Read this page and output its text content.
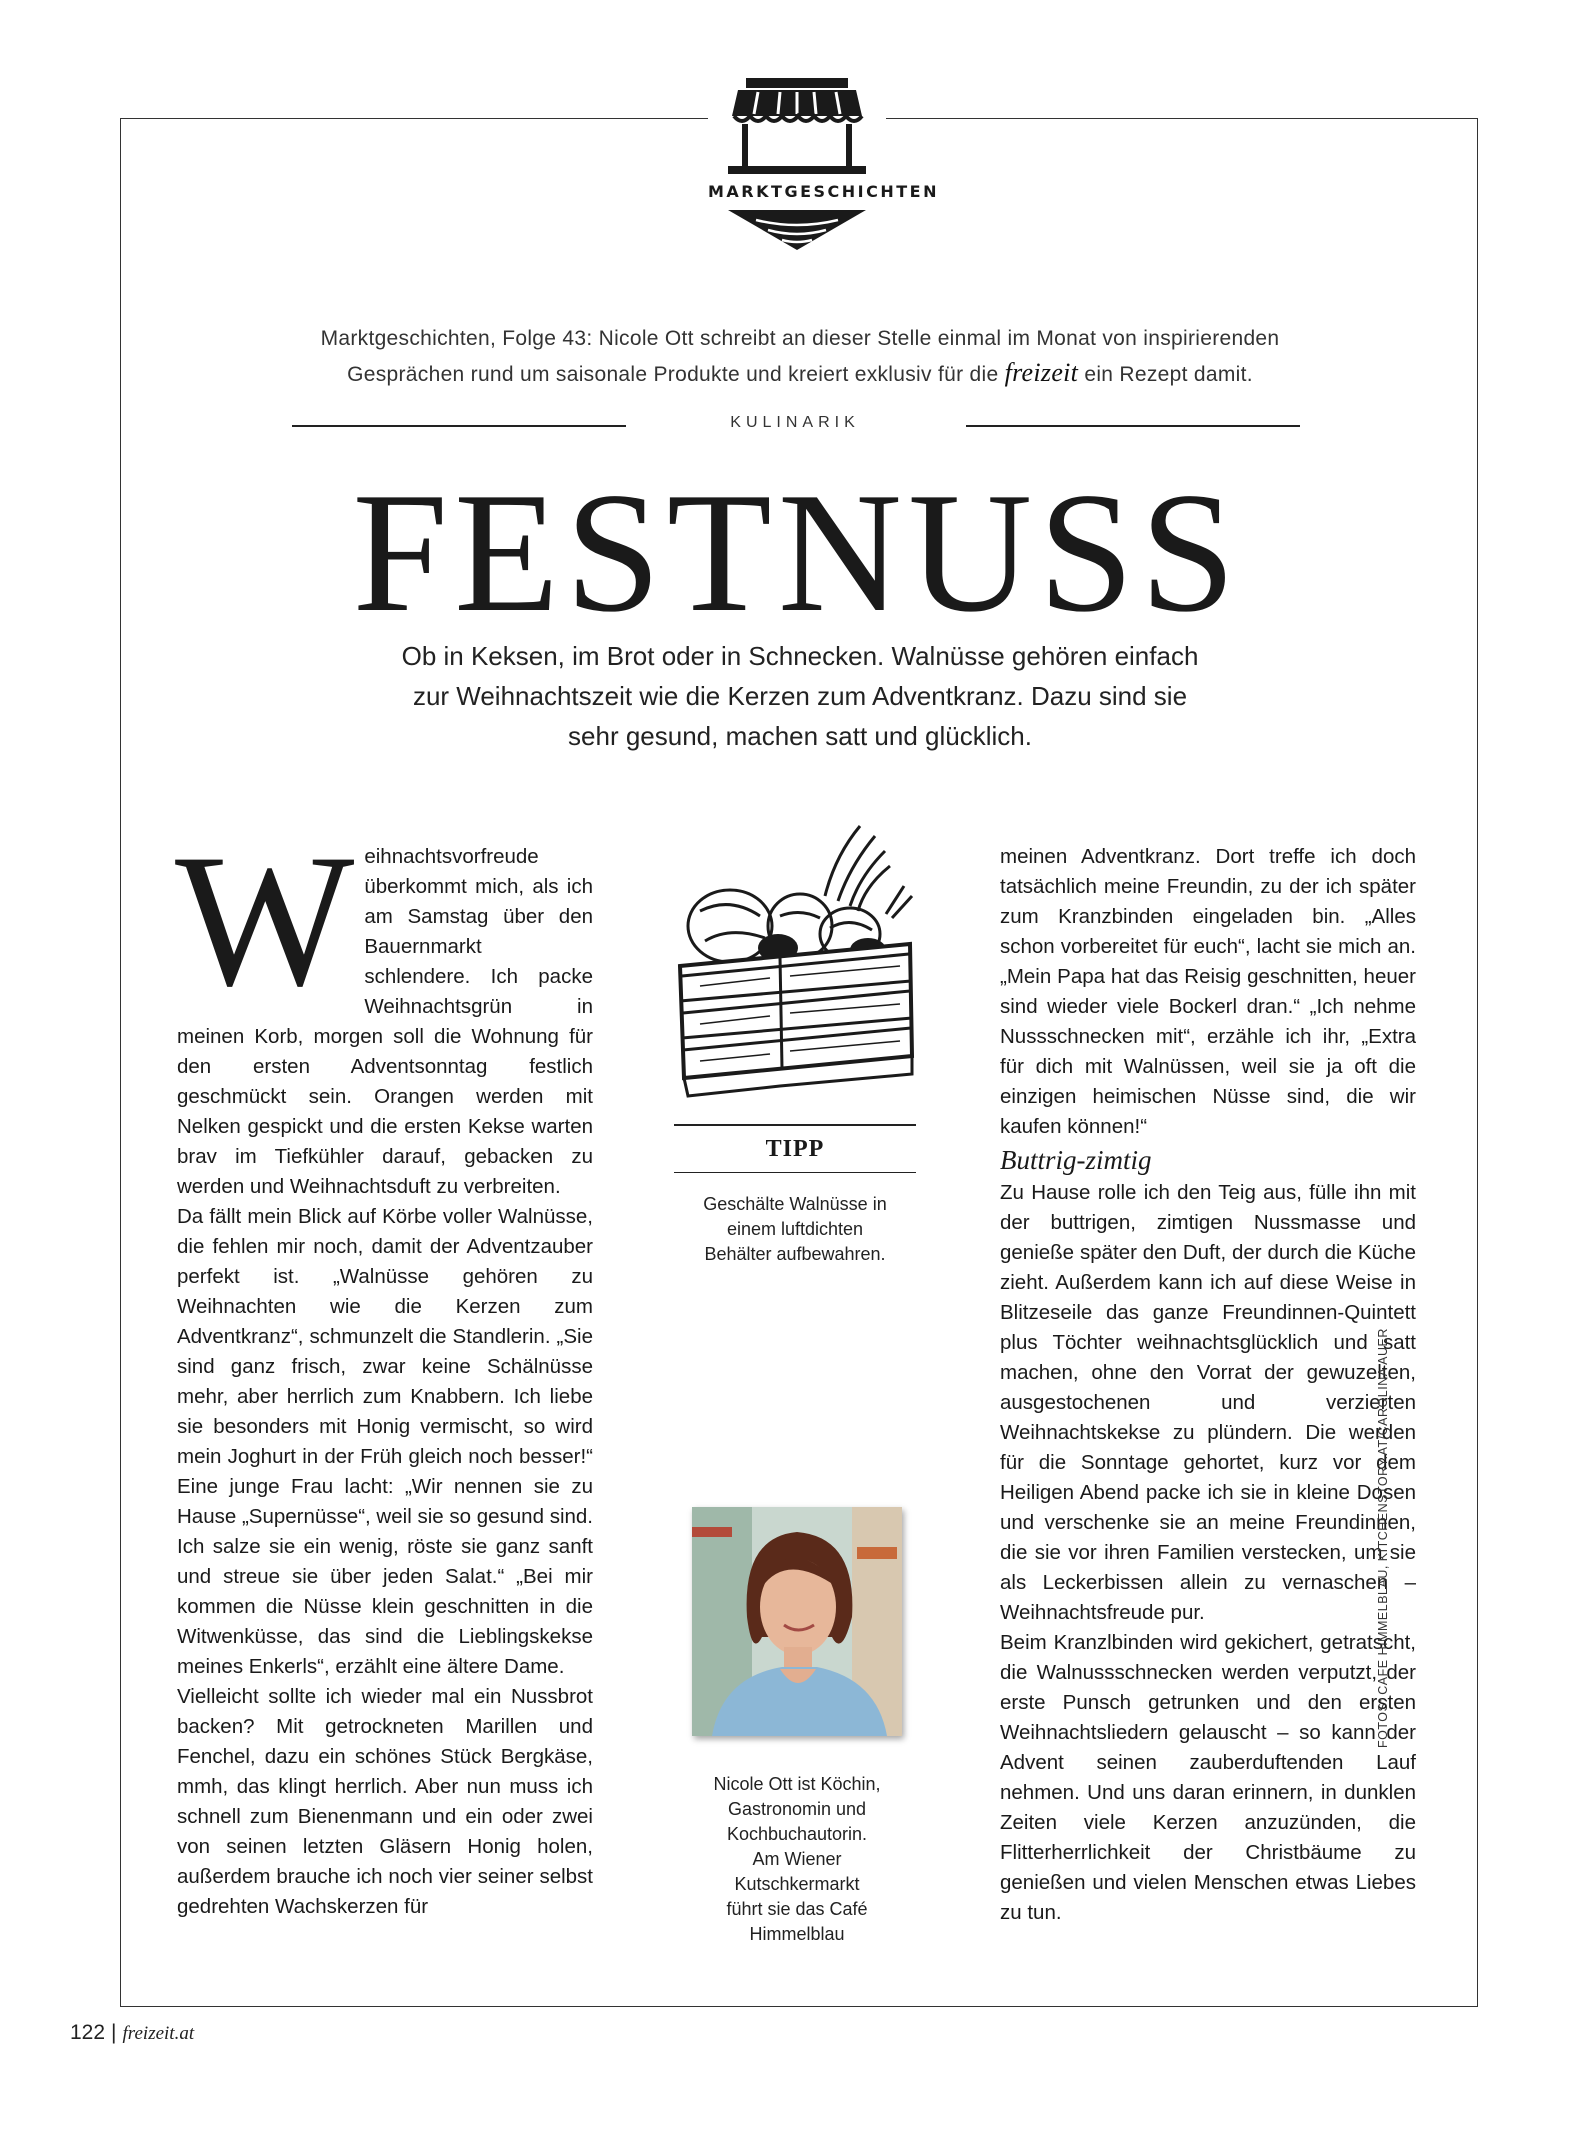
MARKTGESCHICHTEN
Marktgeschichten, Folge 43: Nicole Ott schreibt an dieser Stelle einmal im Monat von inspirierenden
Gesprächen rund um saisonale Produkte und kreiert exklusiv für die freizeit ein Rezept damit.
KULINARIK
FESTNUSS
Ob in Keksen, im Brot oder in Schnecken. Walnüsse gehören einfach
zur Weihnachtszeit wie die Kerzen zum Adventkranz. Dazu sind sie
sehr gesund, machen satt und glücklich.
W eihnachtsvorfreude überkommt mich, als ich am Samstag über den Bauernmarkt schlendere. Ich packe Weihnachtsgrün in meinen Korb, morgen soll die Wohnung für den ersten Adventsonntag festlich geschmückt sein. Orangen werden mit Nelken gespickt und die ersten Kekse warten brav im Tiefkühler darauf, gebacken zu werden und Weihnachtsduft zu verbreiten.

Da fällt mein Blick auf Körbe voller Walnüsse, die fehlen mir noch, damit der Adventzauber perfekt ist. „Walnüsse gehören zu Weihnachten wie die Kerzen zum Adventkranz“, schmunzelt die Standlerin. „Sie sind ganz frisch, zwar keine Schälnüsse mehr, aber herrlich zum Knabbern. Ich liebe sie besonders mit Honig vermischt, so wird mein Joghurt in der Früh gleich noch besser!“ Eine junge Frau lacht: „Wir nennen sie zu Hause „Supernüsse“, weil sie so gesund sind. Ich salze sie ein wenig, röste sie ganz sanft und streue sie über jeden Salat.“ „Bei mir kommen die Nüsse klein geschnitten in die Witwenküsse, das sind die Lieblingskekse meines Enkerls“, erzählt eine ältere Dame.

Vielleicht sollte ich wieder mal ein Nussbrot backen? Mit getrockneten Marillen und Fenchel, dazu ein schönes Stück Bergkäse, mmh, das klingt herrlich. Aber nun muss ich schnell zum Bienenmann und ein oder zwei von seinen letzten Gläsern Honig holen, außerdem brauche ich noch vier seiner selbst gedrehten Wachskerzen für

TIPP
Geschälte Walnüsse in
einem luftdichten
Behälter aufbewahren.
Nicole Ott ist Köchin,
Gastronomin und
Kochbuchautorin.
Am Wiener
Kutschkermarkt
führt sie das Café
Himmelblau

meinen Adventkranz. Dort treffe ich doch tatsächlich meine Freundin, zu der ich später zum Kranzbinden eingeladen bin. „Alles schon vorbereitet für euch“, lacht sie mich an. „Mein Papa hat das Reisig geschnitten, heuer sind wieder viele Bockerl dran.“ „Ich nehme Nussschnecken mit“, erzähle ich ihr, „Extra für dich mit Walnüssen, weil sie ja oft die einzigen heimischen Nüsse sind, die wir kaufen können!“

Buttrig-zimtig

Zu Hause rolle ich den Teig aus, fülle ihn mit der buttrigen, zimtigen Nussmasse und genieße später den Duft, der durch die Küche zieht. Außerdem kann ich auf diese Weise in Blitzeseile das ganze Freundinnen-Quintett plus Töchter weihnachtsglücklich und satt machen, ohne den Vorrat der gewuzelten, ausgestochenen und verzierten Weihnachtskekse zu plündern. Die werden für die Sonntage gehortet, kurz vor dem Heiligen Abend packe ich sie in kleine Dosen und verschenke sie an meine Freundinnen, die sie vor ihren Familien verstecken, um sie als Leckerbissen allein zu vernaschen – Weihnachtsfreude pur.

Beim Kranzlbinden wird gekichert, getratscht, die Walnussschnecken werden verputzt, der erste Punsch getrunken und den ersten Weihnachtsliedern gelauscht – so kann der Advent seinen zauberduftenden Lauf nehmen. Und uns daran erinnern, in dunklen Zeiten viele Kerzen anzuzünden, die Flitterherrlichkeit der Christbäume zu genießen und vielen Menschen etwas Liebes zu tun.

FOTOS: CAFE HIMMELBLAU, KITCHENSTORY.AT/CAROLINA AUER
122 | freizeit.at
